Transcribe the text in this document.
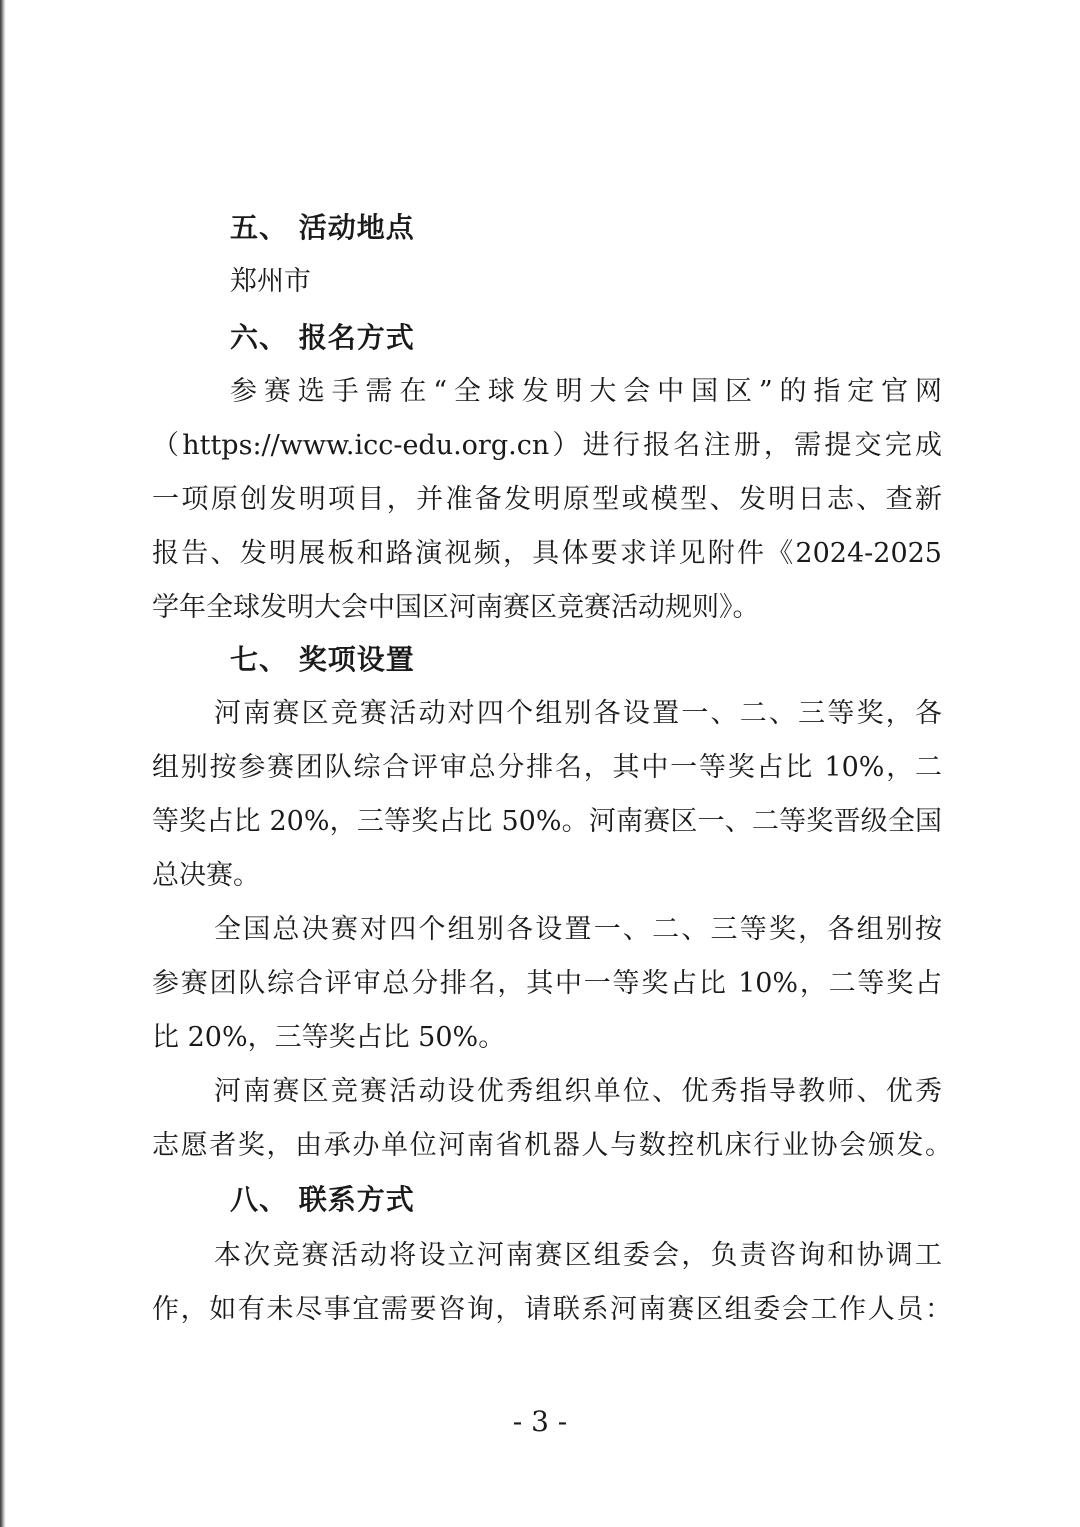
五、 活动地点

郑州市

六、 报名方式

参赛选手需在“全球发明大会中国区”的指定官网

（https://www.icc-edu.org.cn）进行报名注册，需提交完成

一项原创发明项目，并准备发明原型或模型、发明日志、查新

报告、发明展板和路演视频，具体要求详见附件《2024-2025

学年全球发明大会中国区河南赛区竞赛活动规则》。

七、 奖项设置

河南赛区竞赛活动对四个组别各设置一、二、三等奖，各

组别按参赛团队综合评审总分排名，其中一等奖占比 10%，二

等奖占比 20%，三等奖占比 50%。河南赛区一、二等奖晋级全国

总决赛。

全国总决赛对四个组别各设置一、二、三等奖，各组别按

参赛团队综合评审总分排名，其中一等奖占比 10%，二等奖占

比 20%，三等奖占比 50%。

河南赛区竞赛活动设优秀组织单位、优秀指导教师、优秀

志愿者奖，由承办单位河南省机器人与数控机床行业协会颁发。

八、 联系方式

本次竞赛活动将设立河南赛区组委会，负责咨询和协调工

作，如有未尽事宜需要咨询，请联系河南赛区组委会工作人员：

- 3 -
